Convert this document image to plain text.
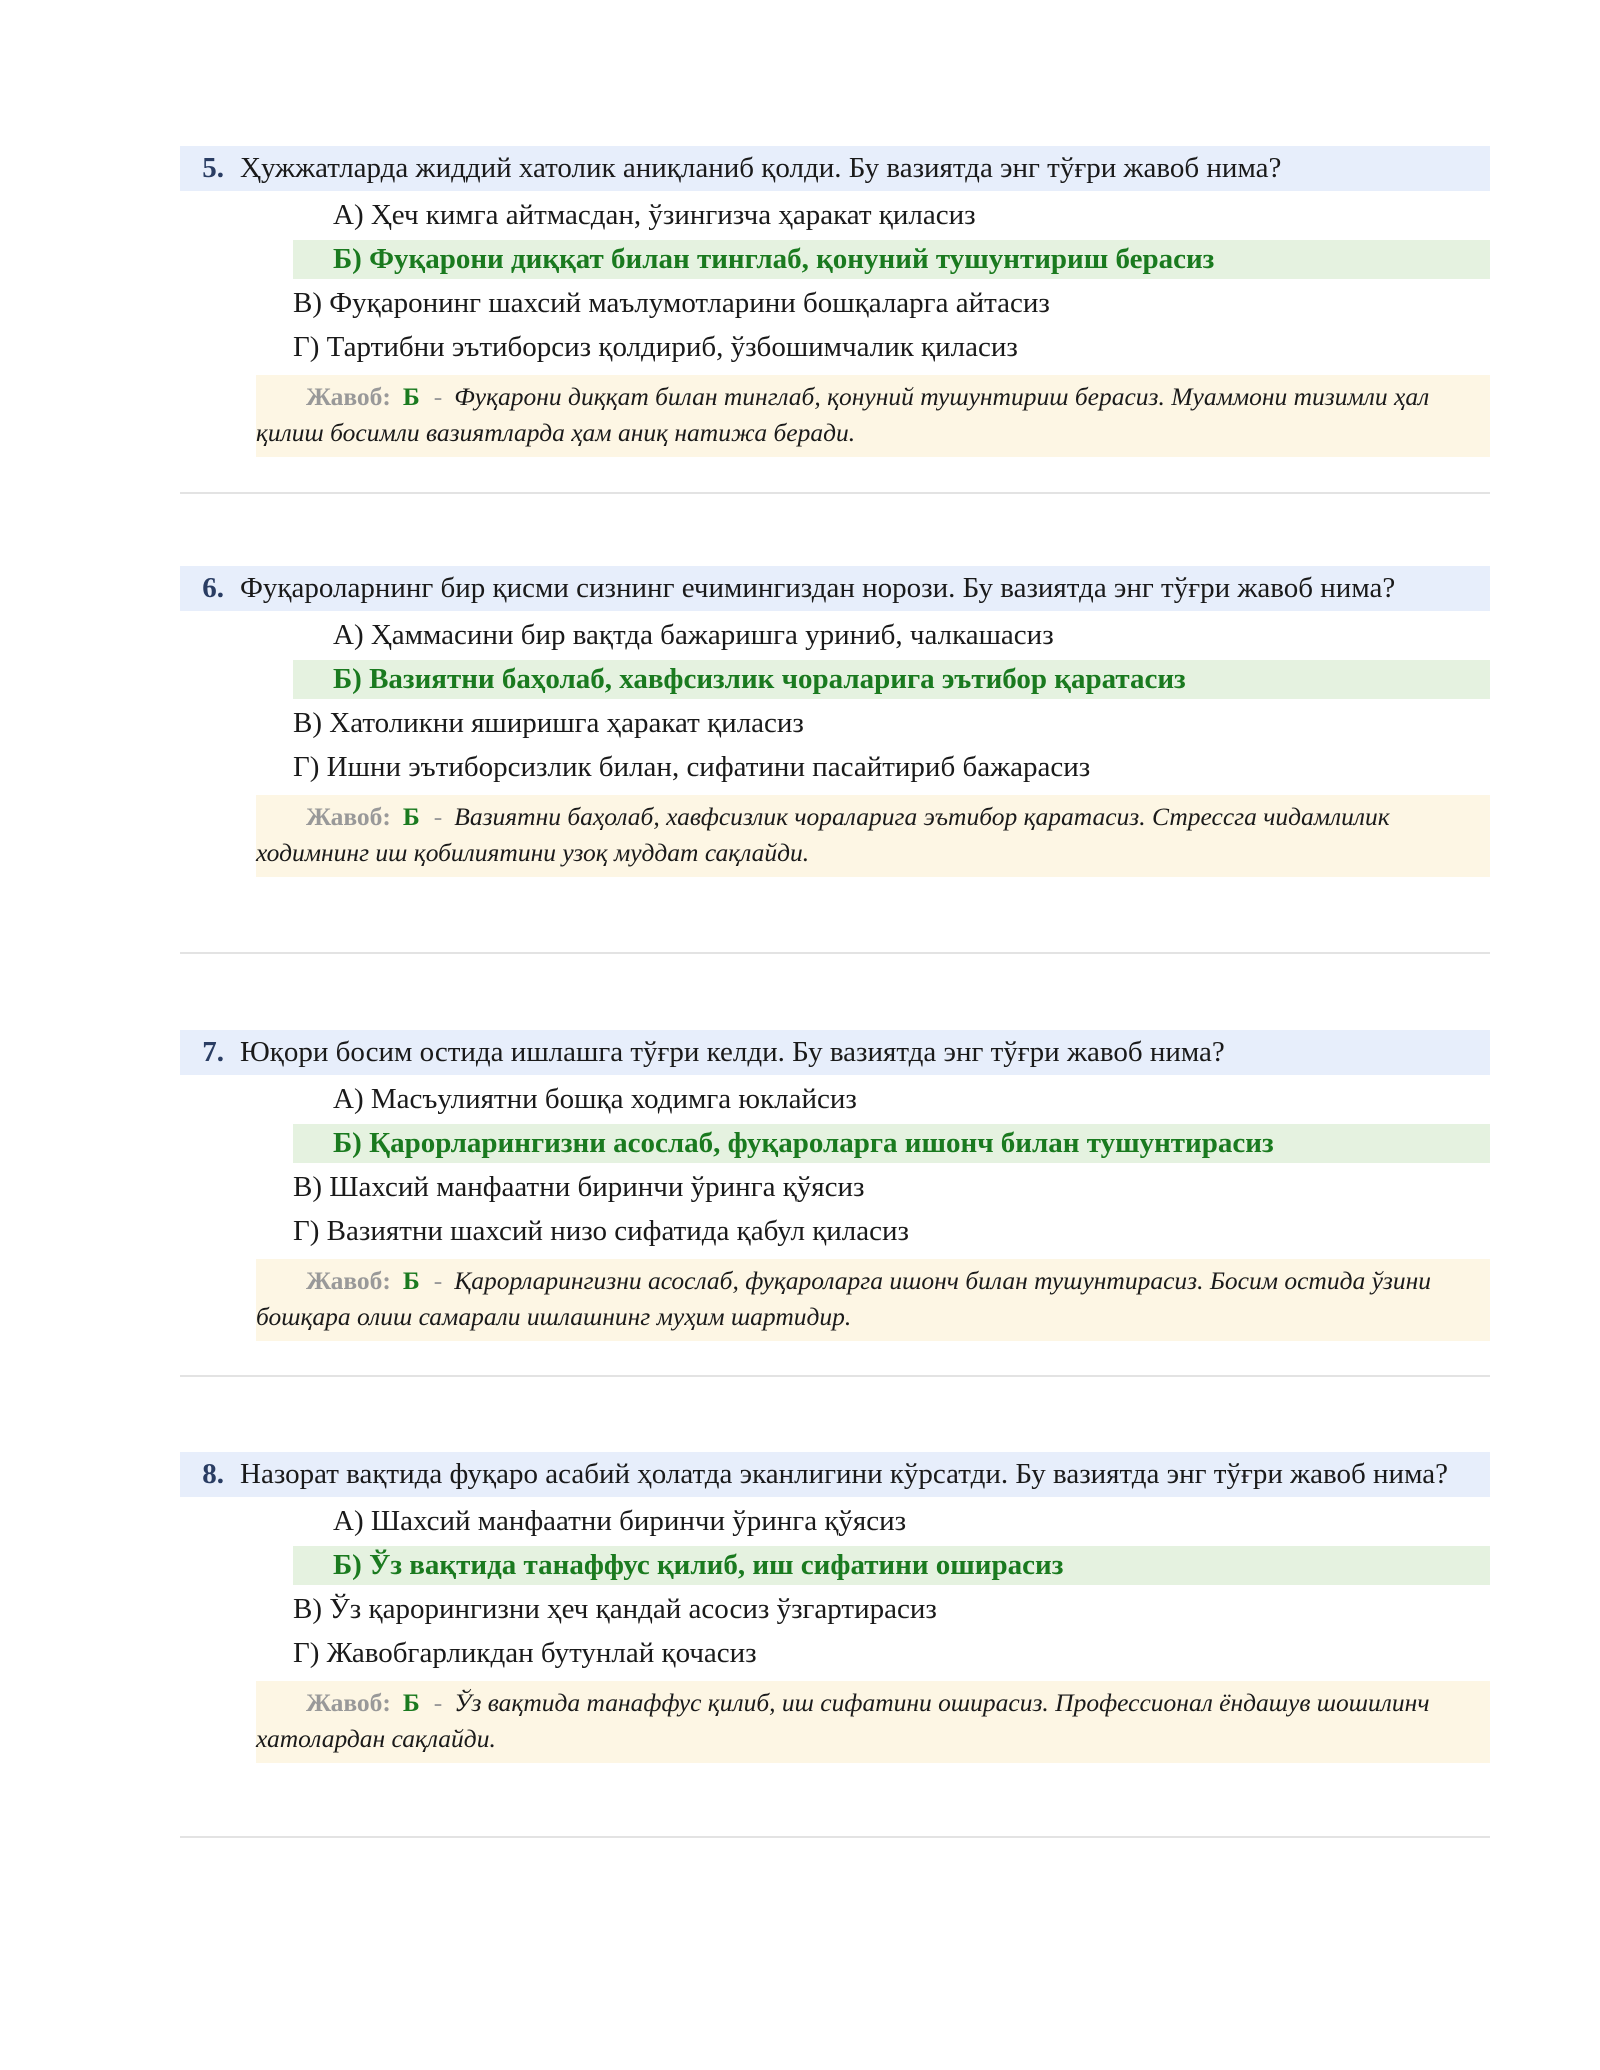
5. Ҳужжатларда жиддий хатолик аниқланиб қолди. Бу вазиятда энг тўғри жавоб нима?
А) Ҳеч кимга айтмасдан, ўзингизча ҳаракат қиласиз
Б) Фуқарони диққат билан тинглаб, қонуний тушунтириш берасиз
В) Фуқаронинг шахсий маълумотларини бошқаларга айтасиз
Г) Тартибни эътиборсиз қолдириб, ўзбошимчалик қиласиз
Жавоб: Б - Фуқарони диққат билан тинглаб, қонуний тушунтириш берасиз. Муаммони тизимли ҳал қилиш босимли вазиятларда ҳам аниқ натижа беради.
6. Фуқароларнинг бир қисми сизнинг ечимингиздан норози. Бу вазиятда энг тўғри жавоб нима?
А) Ҳаммасини бир вақтда бажаришга уриниб, чалкашасиз
Б) Вазиятни баҳолаб, хавфсизлик чораларига эътибор қаратасиз
В) Хатоликни яширишга ҳаракат қиласиз
Г) Ишни эътиборсизлик билан, сифатини пасайтириб бажарасиз
Жавоб: Б - Вазиятни баҳолаб, хавфсизлик чораларига эътибор қаратасиз. Стрессга чидамлилик ходимнинг иш қобилиятини узоқ муддат сақлайди.
7. Юқори босим остида ишлашга тўғри келди. Бу вазиятда энг тўғри жавоб нима?
А) Масъулиятни бошқа ходимга юклайсиз
Б) Қарорларингизни асослаб, фуқароларга ишонч билан тушунтирасиз
В) Шахсий манфаатни биринчи ўринга қўясиз
Г) Вазиятни шахсий низо сифатида қабул қиласиз
Жавоб: Б - Қарорларингизни асослаб, фуқароларга ишонч билан тушунтирасиз. Босим остида ўзини бошқара олиш самарали ишлашнинг муҳим шартидир.
8. Назорат вақтида фуқаро асабий ҳолатда эканлигини кўрсатди. Бу вазиятда энг тўғри жавоб нима?
А) Шахсий манфаатни биринчи ўринга қўясиз
Б) Ўз вақтида танаффус қилиб, иш сифатини оширасиз
В) Ўз қарорингизни ҳеч қандай асосиз ўзгартирасиз
Г) Жавобгарликдан бутунлай қочасиз
Жавоб: Б - Ўз вақтида танаффус қилиб, иш сифатини оширасиз. Профессионал ёндашув шошилинч хатолардан сақлайди.
